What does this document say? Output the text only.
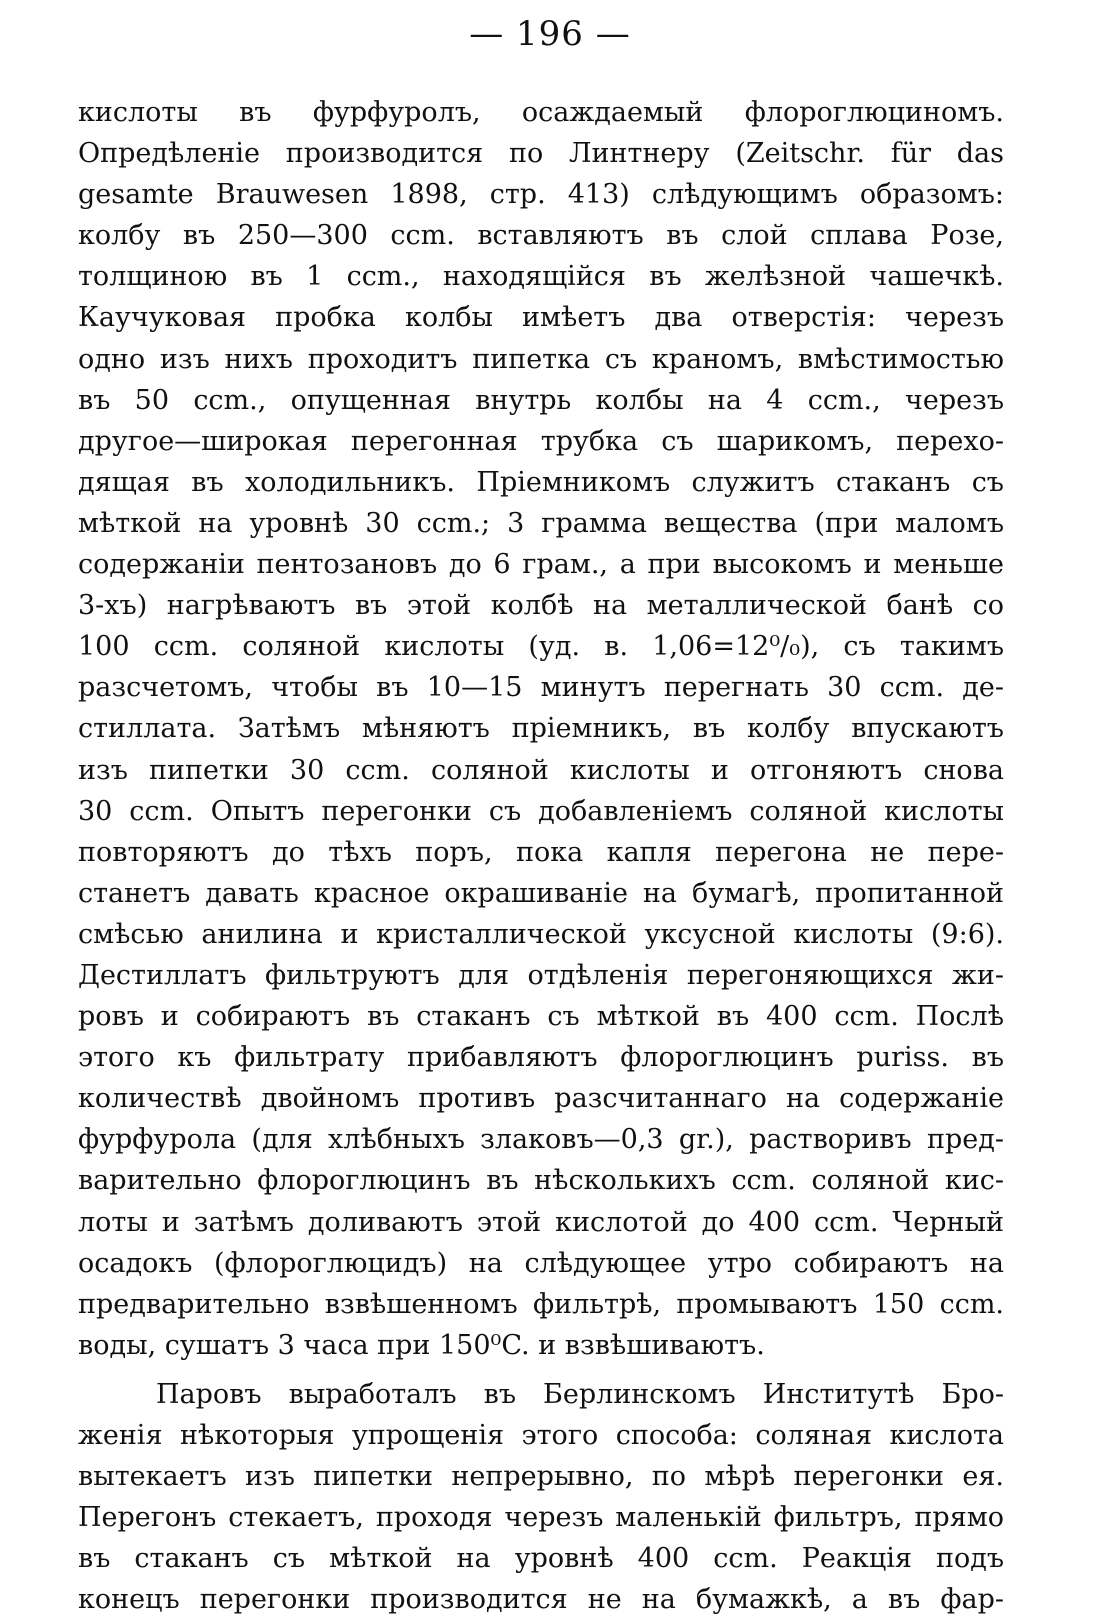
— 196 —
кислоты въ фурфуролъ, осаждаемый флороглюциномъ.
Опредѣленіе производится по Линтнеру (Zeitschr. für das
gesamte Brauwesen 1898, стр. 413) слѣдующимъ образомъ:
колбу въ 250—300 ccm. вставляютъ въ слой сплава Розе,
толщиною въ 1 ccm., находящійся въ желѣзной чашечкѣ.
Каучуковая пробка колбы имѣетъ два отверстія: черезъ
одно изъ нихъ проходитъ пипетка съ краномъ, вмѣстимостью
въ 50 ccm., опущенная внутрь колбы на 4 ccm., черезъ
другое—широкая перегонная трубка съ шарикомъ, перехо-
дящая въ холодильникъ. Пріемникомъ служитъ стаканъ съ
мѣткой на уровнѣ 30 ccm.; 3 грамма вещества (при маломъ
содержаніи пентозановъ до 6 грам., а при высокомъ и меньше
3-хъ) нагрѣваютъ въ этой колбѣ на металлической банѣ со
100 ccm. соляной кислоты (уд. в. 1,06=12⁰/₀), съ такимъ
разсчетомъ, чтобы въ 10—15 минутъ перегнать 30 ccm. де-
стиллата. Затѣмъ мѣняютъ пріемникъ, въ колбу впускаютъ
изъ пипетки 30 ccm. соляной кислоты и отгоняютъ снова
30 ccm. Опытъ перегонки съ добавленіемъ соляной кислоты
повторяютъ до тѣхъ поръ, пока капля перегона не пере-
станетъ давать красное окрашиваніе на бумагѣ, пропитанной
смѣсью анилина и кристаллической уксусной кислоты (9:6).
Дестиллатъ фильтруютъ для отдѣленія перегоняющихся жи-
ровъ и собираютъ въ стаканъ съ мѣткой въ 400 ccm. Послѣ
этого къ фильтрату прибавляютъ флороглюцинъ puriss. въ
количествѣ двойномъ противъ разсчитаннаго на содержаніе
фурфурола (для хлѣбныхъ злаковъ—0,3 gr.), растворивъ пред-
варительно флороглюцинъ въ нѣсколькихъ ccm. соляной кис-
лоты и затѣмъ доливаютъ этой кислотой до 400 ccm. Черный
осадокъ (флороглюцидъ) на слѣдующее утро собираютъ на
предварительно взвѣшенномъ фильтрѣ, промываютъ 150 ccm.
воды, сушатъ 3 часа при 150⁰C. и взвѣшиваютъ.
Паровъ выработалъ въ Берлинскомъ Институтѣ Бро-
женія нѣкоторыя упрощенія этого способа: соляная кислота
вытекаетъ изъ пипетки непрерывно, по мѣрѣ перегонки ея.
Перегонъ стекаетъ, проходя черезъ маленькій фильтръ, прямо
въ стаканъ съ мѣткой на уровнѣ 400 ccm. Реакція подъ
конецъ перегонки производится не на бумажкѣ, а въ фар-
